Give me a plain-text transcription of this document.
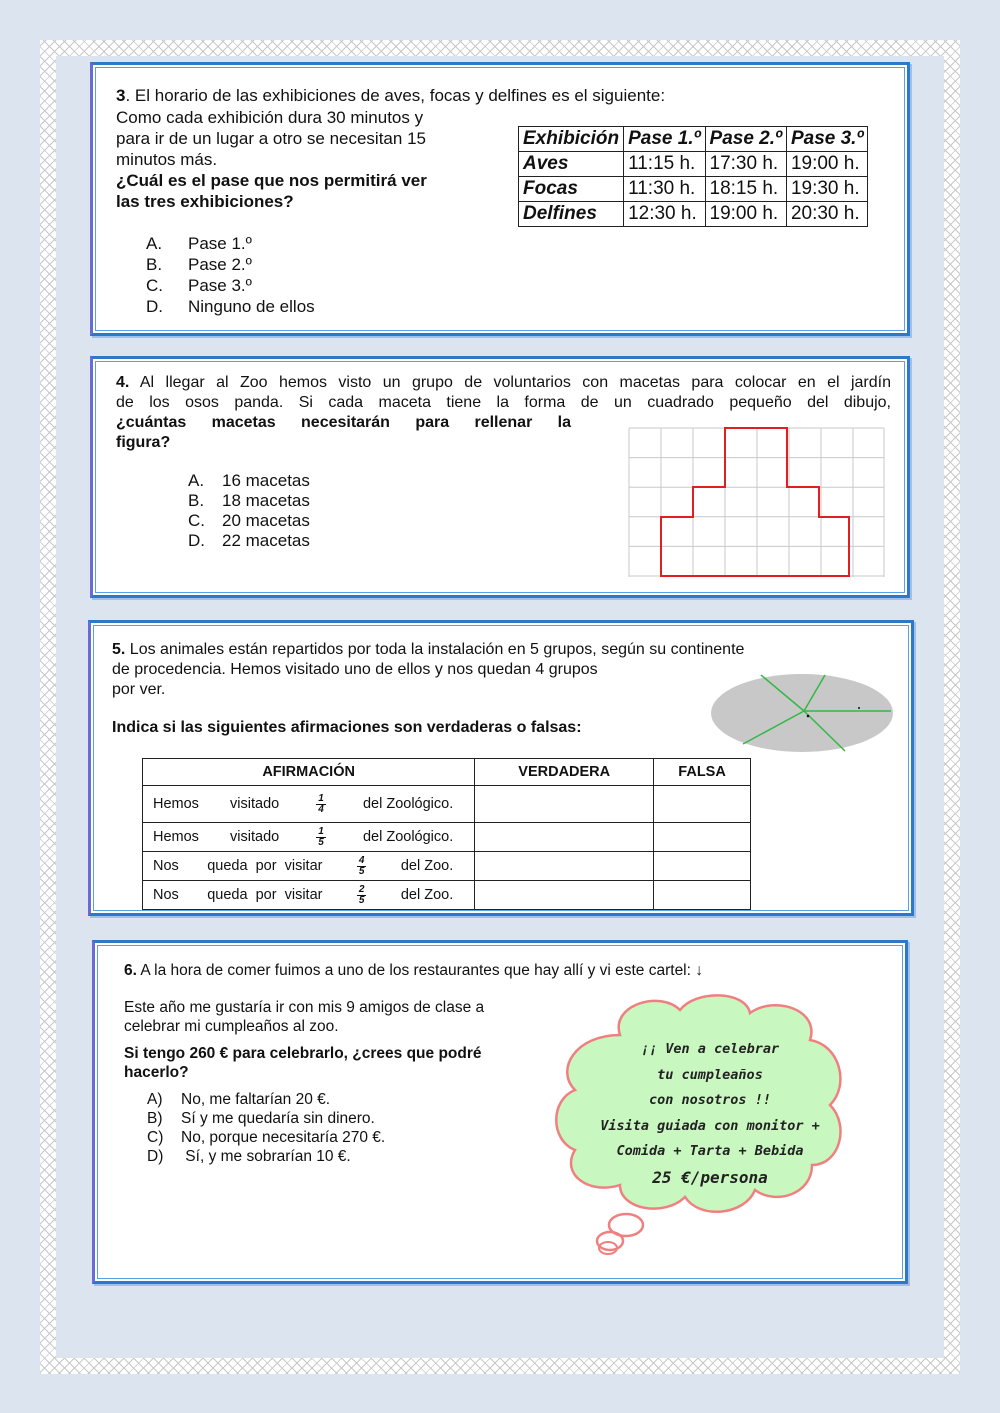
3. El horario de las exhibiciones de aves, focas y delfines es el siguiente:
Como cada exhibición dura 30 minutos y
para ir de un lugar a otro se necesitan 15
minutos más.
¿Cuál es el pase que nos permitirá ver
las tres exhibiciones?
Exhibición	Pase 1.º	Pase 2.º	Pase 3.º
Aves	11:15 h.	17:30 h.	19:00 h.
Focas	11:30 h.	18:15 h.	19:30 h.
Delfines	12:30 h.	19:00 h.	20:30 h.
A. Pase 1.º
B. Pase 2.º
C. Pase 3.º
D. Ninguno de ellos
4. Al llegar al Zoo hemos visto un grupo de voluntarios con macetas para colocar en el jardín
de los osos panda. Si cada maceta tiene la forma de un cuadrado pequeño del dibujo,
¿cuántas macetas necesitarán para rellenar la
figura?
A. 16 macetas
B. 18 macetas
C. 20 macetas
D. 22 macetas
5. Los animales están repartidos por toda la instalación en 5 grupos, según su continente
de procedencia. Hemos visitado uno de ellos y nos quedan 4 grupos
por ver.
Indica si las siguientes afirmaciones son verdaderas o falsas:
AFIRMACIÓN	VERDADERA	FALSA

Hemos visitado $\frac{1}{4}$ del Zoológico.		

Hemos visitado $\frac{1}{5}$ del Zoológico.		

Nos queda  por  visitar $\frac{4}{5}$ del Zoo.		

Nos queda  por  visitar $\frac{2}{5}$ del Zoo.		

6. A la hora de comer fuimos a uno de los restaurantes que hay allí y vi este cartel: ↓
Este año me gustaría ir con mis 9 amigos de clase a
celebrar mi cumpleaños al zoo.
Si tengo 260 € para celebrarlo, ¿crees que podré
hacerlo?
A) No, me faltarían 20 €.
B) Sí y me quedaría sin dinero.
C) No, porque necesitaría 270 €.
D) Sí, y me sobrarían 10 €.
¡¡ Ven a celebrar
tu cumpleaños
con nosotros !!
Visita guiada con monitor +
Comida + Tarta + Bebida
25 €/persona
